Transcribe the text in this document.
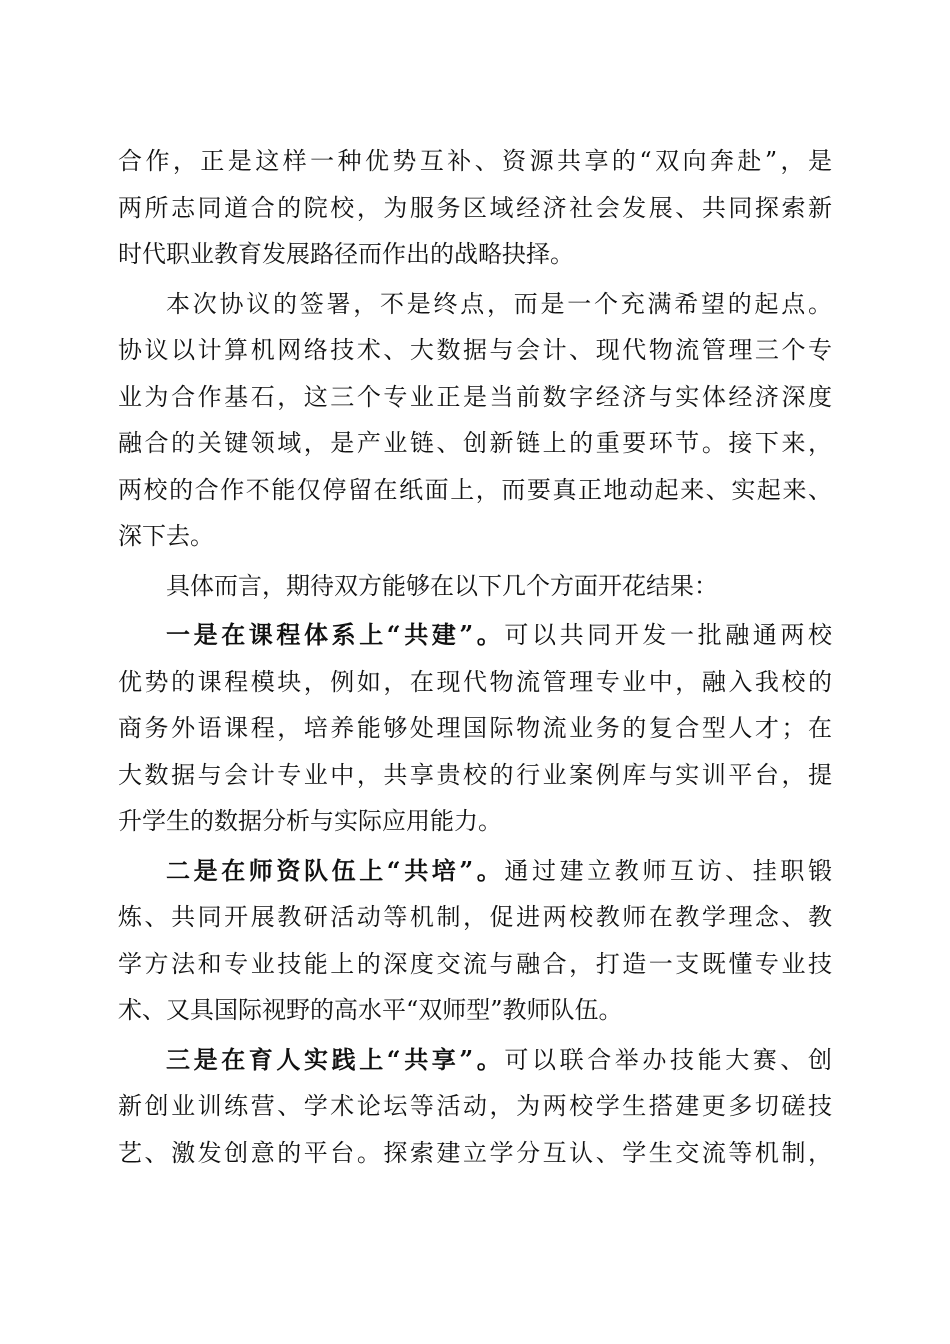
合作，正是这样一种优势互补、资源共享的“双向奔赴”，是
两所志同道合的院校，为服务区域经济社会发展、共同探索新
时代职业教育发展路径而作出的战略抉择。
本次协议的签署，不是终点，而是一个充满希望的起点。
协议以计算机网络技术、大数据与会计、现代物流管理三个专
业为合作基石，这三个专业正是当前数字经济与实体经济深度
融合的关键领域，是产业链、创新链上的重要环节。接下来，
两校的合作不能仅停留在纸面上，而要真正地动起来、实起来、
深下去。
具体而言，期待双方能够在以下几个方面开花结果：
一是在课程体系上“共建”。可以共同开发一批融通两校
优势的课程模块，例如，在现代物流管理专业中，融入我校的
商务外语课程，培养能够处理国际物流业务的复合型人才；在
大数据与会计专业中，共享贵校的行业案例库与实训平台，提
升学生的数据分析与实际应用能力。
二是在师资队伍上“共培”。通过建立教师互访、挂职锻
炼、共同开展教研活动等机制，促进两校教师在教学理念、教
学方法和专业技能上的深度交流与融合，打造一支既懂专业技
术、又具国际视野的高水平“双师型”教师队伍。
三是在育人实践上“共享”。可以联合举办技能大赛、创
新创业训练营、学术论坛等活动，为两校学生搭建更多切磋技
艺、激发创意的平台。探索建立学分互认、学生交流等机制，
